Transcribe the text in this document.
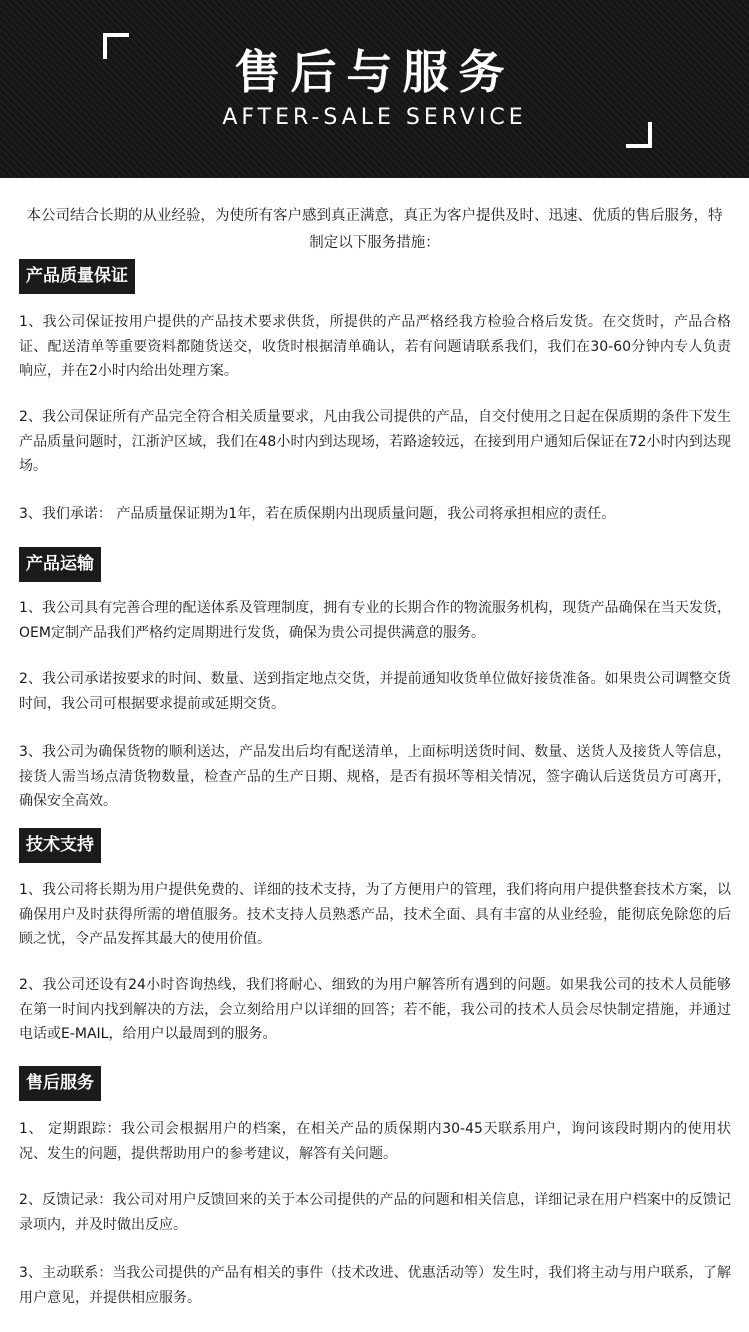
售后与服务
AFTER-SALE SERVICE
本公司结合长期的从业经验，为使所有客户感到真正满意，真正为客户提供及时、迅速、优质的售后服务，特制定以下服务措施：
产品质量保证
1、我公司保证按用户提供的产品技术要求供货，所提供的产品严格经我方检验合格后发货。在交货时，产品合格证、配送清单等重要资料都随货送交，收货时根据清单确认，若有问题请联系我们，我们在30-60分钟内专人负责响应，并在2小时内给出处理方案。
2、我公司保证所有产品完全符合相关质量要求，凡由我公司提供的产品，自交付使用之日起在保质期的条件下发生产品质量问题时，江浙沪区域，我们在48小时内到达现场，若路途较远，在接到用户通知后保证在72小时内到达现场。
3、我们承诺： 产品质量保证期为1年，若在质保期内出现质量问题，我公司将承担相应的责任。
产品运输
1、我公司具有完善合理的配送体系及管理制度，拥有专业的长期合作的物流服务机构，现货产品确保在当天发货，OEM定制产品我们严格约定周期进行发货，确保为贵公司提供满意的服务。
2、我公司承诺按要求的时间、数量、送到指定地点交货，并提前通知收货单位做好接货准备。如果贵公司调整交货时间，我公司可根据要求提前或延期交货。
3、我公司为确保货物的顺利送达，产品发出后均有配送清单，上面标明送货时间、数量、送货人及接货人等信息，接货人需当场点清货物数量，检查产品的生产日期、规格，是否有损坏等相关情况，签字确认后送货员方可离开，确保安全高效。
技术支持
1、我公司将长期为用户提供免费的、详细的技术支持，为了方便用户的管理，我们将向用户提供整套技术方案，以确保用户及时获得所需的增值服务。技术支持人员熟悉产品，技术全面、具有丰富的从业经验，能彻底免除您的后顾之忧，令产品发挥其最大的使用价值。
2、我公司还设有24小时咨询热线，我们将耐心、细致的为用户解答所有遇到的问题。如果我公司的技术人员能够在第一时间内找到解决的方法，会立刻给用户以详细的回答；若不能，我公司的技术人员会尽快制定措施，并通过电话或E-MAIL，给用户以最周到的服务。
售后服务
1、 定期跟踪：我公司会根据用户的档案，在相关产品的质保期内30-45天联系用户，询问该段时期内的使用状况、发生的问题，提供帮助用户的参考建议，解答有关问题。
2、反馈记录：我公司对用户反馈回来的关于本公司提供的产品的问题和相关信息，详细记录在用户档案中的反馈记录项内，并及时做出反应。
3、主动联系：当我公司提供的产品有相关的事件（技术改进、优惠活动等）发生时，我们将主动与用户联系，了解用户意见，并提供相应服务。
